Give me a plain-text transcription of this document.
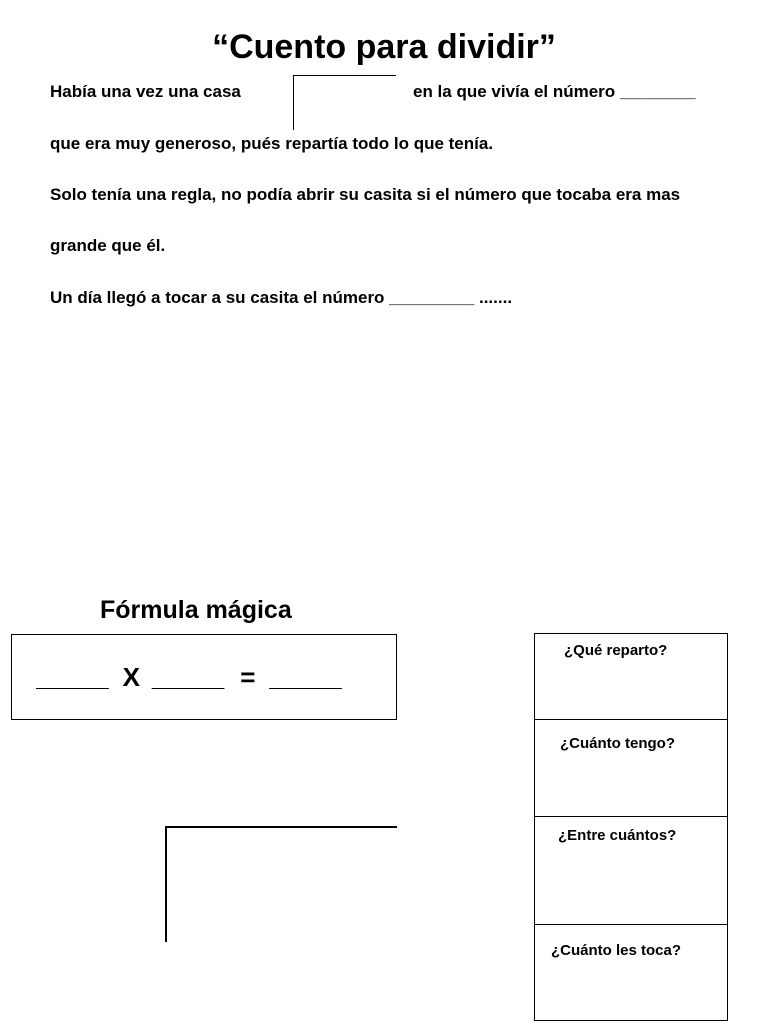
“Cuento para dividir”
Había una vez una casa	en la que vivía el número ________
que era muy generoso, pués repartía todo lo que tenía.
Solo tenía una regla, no podía abrir su casita si el número que tocaba era mas
grande que él.
Un día llegó a tocar a su casita el número _________ .......
Fórmula mágica
_____ X _____ = _____
¿Qué reparto?
¿Cuánto tengo?
¿Entre cuántos?
¿Cuánto les toca?
